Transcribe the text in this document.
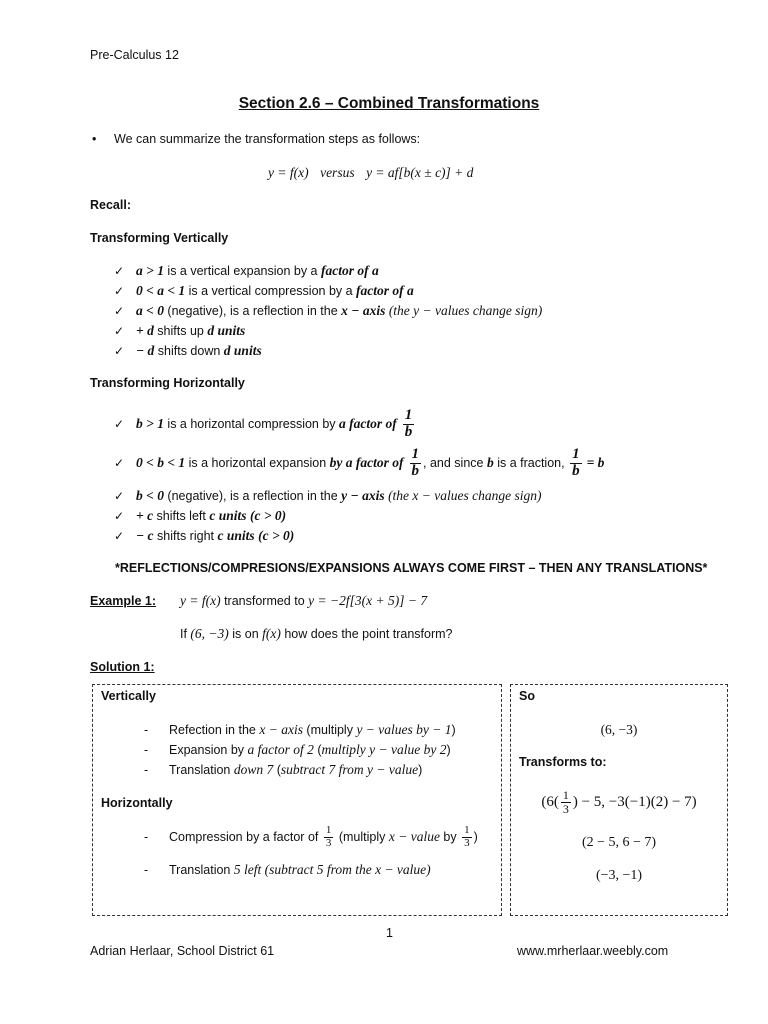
Pre-Calculus 12
Section 2.6 – Combined Transformations
•	We can summarize the transformation steps as follows:
y = f(x) versus y = af[b(x ± c)] + d
Recall:
Transforming Vertically
✓ a > 1 is a vertical expansion by a factor of a
✓ 0 < a < 1 is a vertical compression by a factor of a
✓ a < 0 (negative), is a reflection in the x − axis
(the y − values change sign)
✓ + d shifts up d units
✓ − d shifts down d units
Transforming Horizontally
✓ b > 1 is a horizontal compression by a factor of $\frac{1}{b}$
✓ 0 < b < 1 is a horizontal expansion by a factor of $\frac{1}{b}$ , and since b is a fraction, $\frac{1}{b} = b$
✓ b < 0 (negative), is a reflection in the y − axis
(the x − values change sign)
✓ + c shifts left c units
(c > 0)
✓ − c shifts right c units
(c > 0)
*REFLECTIONS/COMPRESIONS/EXPANSIONS ALWAYS COME FIRST – THEN ANY TRANSLATIONS*
Example 1:	y = f(x) transformed to y = −2f[3(x + 5)] − 7
If (6, −3) is on f(x) how does the point transform?
Solution 1:
Vertically
-	Refection in the x − axis (multiply y − values by − 1 )
-	Expansion by a factor of 2 ( multiply y − value by 2 )
-	Translation down 7 ( subtract 7 from y − value )
Horizontally
-	Compression by a factor of $\frac{1}{3}$ (multiply x − value by $\frac{1}{3}$ )
-	Translation 5 left (subtract 5 from the x − value)
So
(6, −3)
Transforms to:
($6( \frac{1}{3}$ ) − 5, −3(−1)(2) − 7)
(2 − 5, 6 − 7)
(−3, −1)
1
Adrian Herlaar, School District 61	www.mrherlaar.weebly.com
